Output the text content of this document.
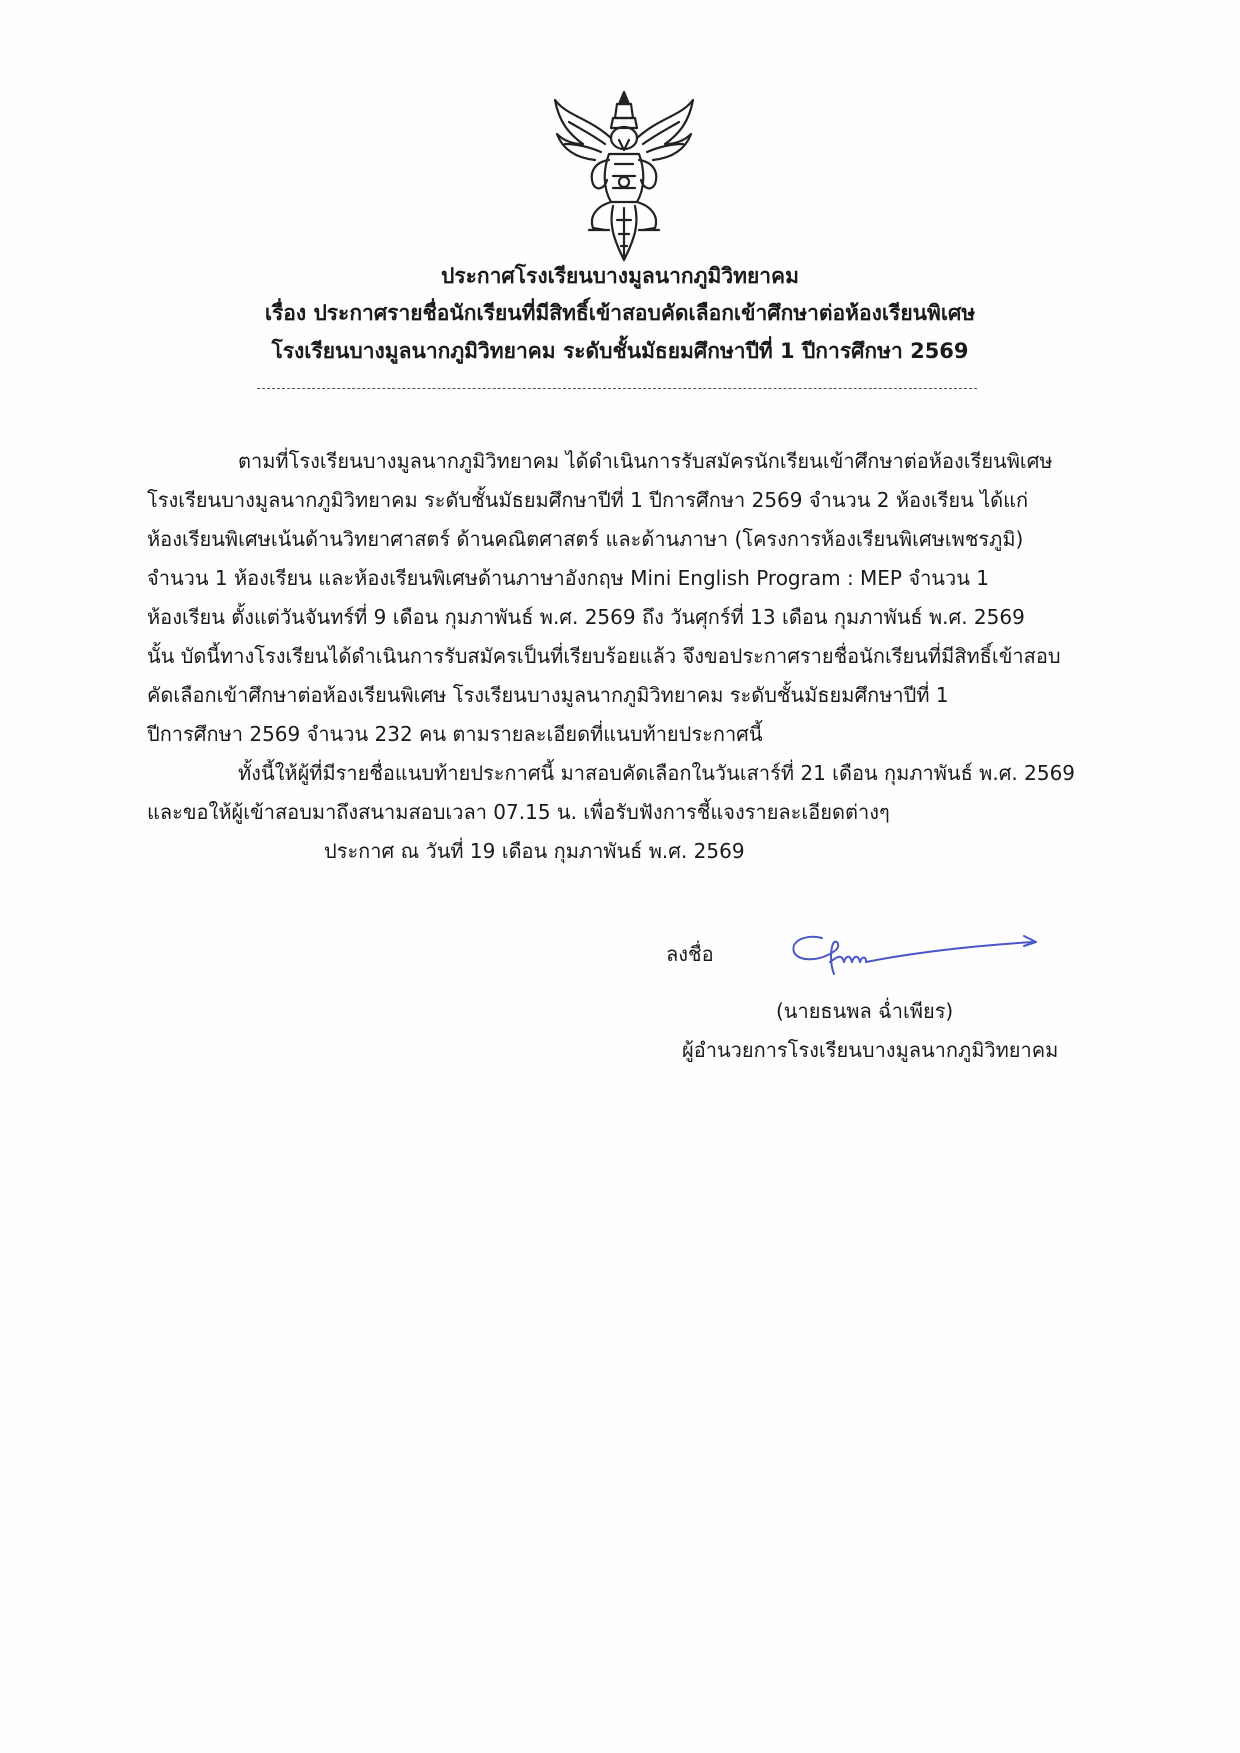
ประกาศโรงเรียนบางมูลนากภูมิวิทยาคม
เรื่อง ประกาศรายชื่อนักเรียนที่มีสิทธิ์เข้าสอบคัดเลือกเข้าศึกษาต่อห้องเรียนพิเศษ
โรงเรียนบางมูลนากภูมิวิทยาคม ระดับชั้นมัธยมศึกษาปีที่ 1 ปีการศึกษา 2569
ตามที่โรงเรียนบางมูลนากภูมิวิทยาคม ได้ดำเนินการรับสมัครนักเรียนเข้าศึกษาต่อห้องเรียนพิเศษ
โรงเรียนบางมูลนากภูมิวิทยาคม ระดับชั้นมัธยมศึกษาปีที่ 1 ปีการศึกษา 2569 จำนวน 2 ห้องเรียน ได้แก่
ห้องเรียนพิเศษเน้นด้านวิทยาศาสตร์ ด้านคณิตศาสตร์ และด้านภาษา (โครงการห้องเรียนพิเศษเพชรภูมิ)
จำนวน 1 ห้องเรียน และห้องเรียนพิเศษด้านภาษาอังกฤษ Mini English Program : MEP จำนวน 1
ห้องเรียน ตั้งแต่วันจันทร์ที่ 9 เดือน กุมภาพันธ์ พ.ศ. 2569 ถึง วันศุกร์ที่ 13 เดือน กุมภาพันธ์ พ.ศ. 2569
นั้น บัดนี้ทางโรงเรียนได้ดำเนินการรับสมัครเป็นที่เรียบร้อยแล้ว จึงขอประกาศรายชื่อนักเรียนที่มีสิทธิ์เข้าสอบ
คัดเลือกเข้าศึกษาต่อห้องเรียนพิเศษ โรงเรียนบางมูลนากภูมิวิทยาคม ระดับชั้นมัธยมศึกษาปีที่ 1
ปีการศึกษา 2569 จำนวน 232 คน ตามรายละเอียดที่แนบท้ายประกาศนี้
ทั้งนี้ให้ผู้ที่มีรายชื่อแนบท้ายประกาศนี้ มาสอบคัดเลือกในวันเสาร์ที่ 21 เดือน กุมภาพันธ์ พ.ศ. 2569
และขอให้ผู้เข้าสอบมาถึงสนามสอบเวลา 07.15 น. เพื่อรับฟังการชี้แจงรายละเอียดต่างๆ
ประกาศ ณ วันที่ 19 เดือน กุมภาพันธ์ พ.ศ. 2569
ลงชื่อ
(นายธนพล ฉ่ำเพียร)
ผู้อำนวยการโรงเรียนบางมูลนากภูมิวิทยาคม
